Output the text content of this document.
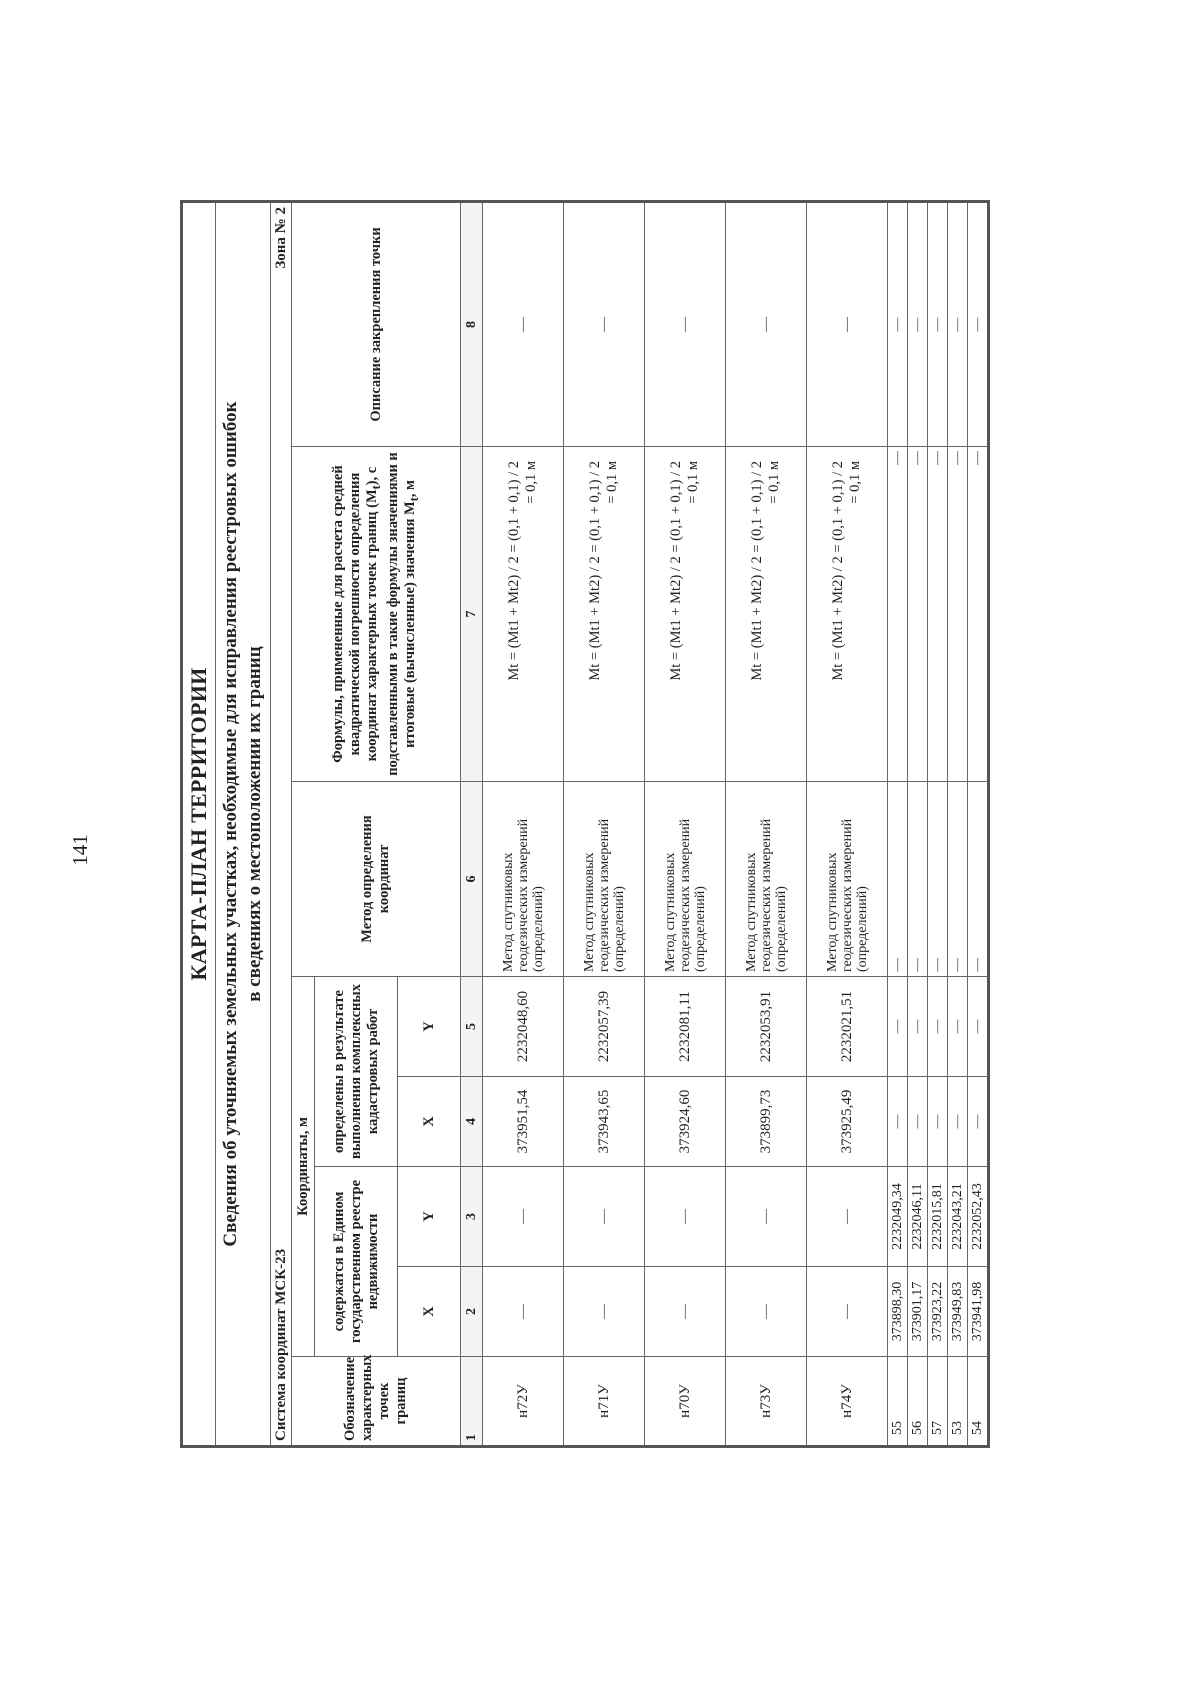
141	КАРТА-ПЛАН ТЕРРИТОРИИ							
Сведения об уточняемых земельных участках, необходимые для исправления реестровых ошибок в сведениях о местоположении их границ							
Система координат МСК-23							Зона № 2
Обозначение характерных точек границ	Координаты, м				Метод определения координат	Формулы, примененные для расчета средней квадратической погрешности определения координат характерных точек границ $(M_t)$, с подставленными в такие формулы значениями и итоговые (вычисленные) значения $M_t$, м	Описание закрепления точки
	содержатся в Едином государственном реестре недвижимости		определены в результате выполнения комплексных кадастровых работ				
	X	Y	X	Y			
1	2	3	4	5	6	7	8
н72У	—	—	373951,54	2232048,60	Метод спутниковых геодезических измерений (определений)	Mt = (Mt1 + Mt2) / 2 = (0,1 + 0,1) / 2
= 0,1 м	—
н71У	—	—	373943,65	2232057,39	Метод спутниковых геодезических измерений (определений)	Mt = (Mt1 + Mt2) / 2 = (0,1 + 0,1) / 2
= 0,1 м	—
н70У	—	—	373924,60	2232081,11	Метод спутниковых геодезических измерений (определений)	Mt = (Mt1 + Mt2) / 2 = (0,1 + 0,1) / 2
= 0,1 м	—
н73У	—	—	373899,73	2232053,91	Метод спутниковых геодезических измерений (определений)	Mt = (Mt1 + Mt2) / 2 = (0,1 + 0,1) / 2
= 0,1 м	—
н74У	—	—	373925,49	2232021,51	Метод спутниковых геодезических измерений (определений)	Mt = (Mt1 + Mt2) / 2 = (0,1 + 0,1) / 2
= 0,1 м	—
55	373898,30	2232049,34	—	—	—	—	—
56	373901,17	2232046,11	—	—	—	—	—
57	373923,22	2232015,81	—	—	—	—	—
53	373949,83	2232043,21	—	—	—	—	—
54	373941,98	2232052,43	—	—	—	—	—
